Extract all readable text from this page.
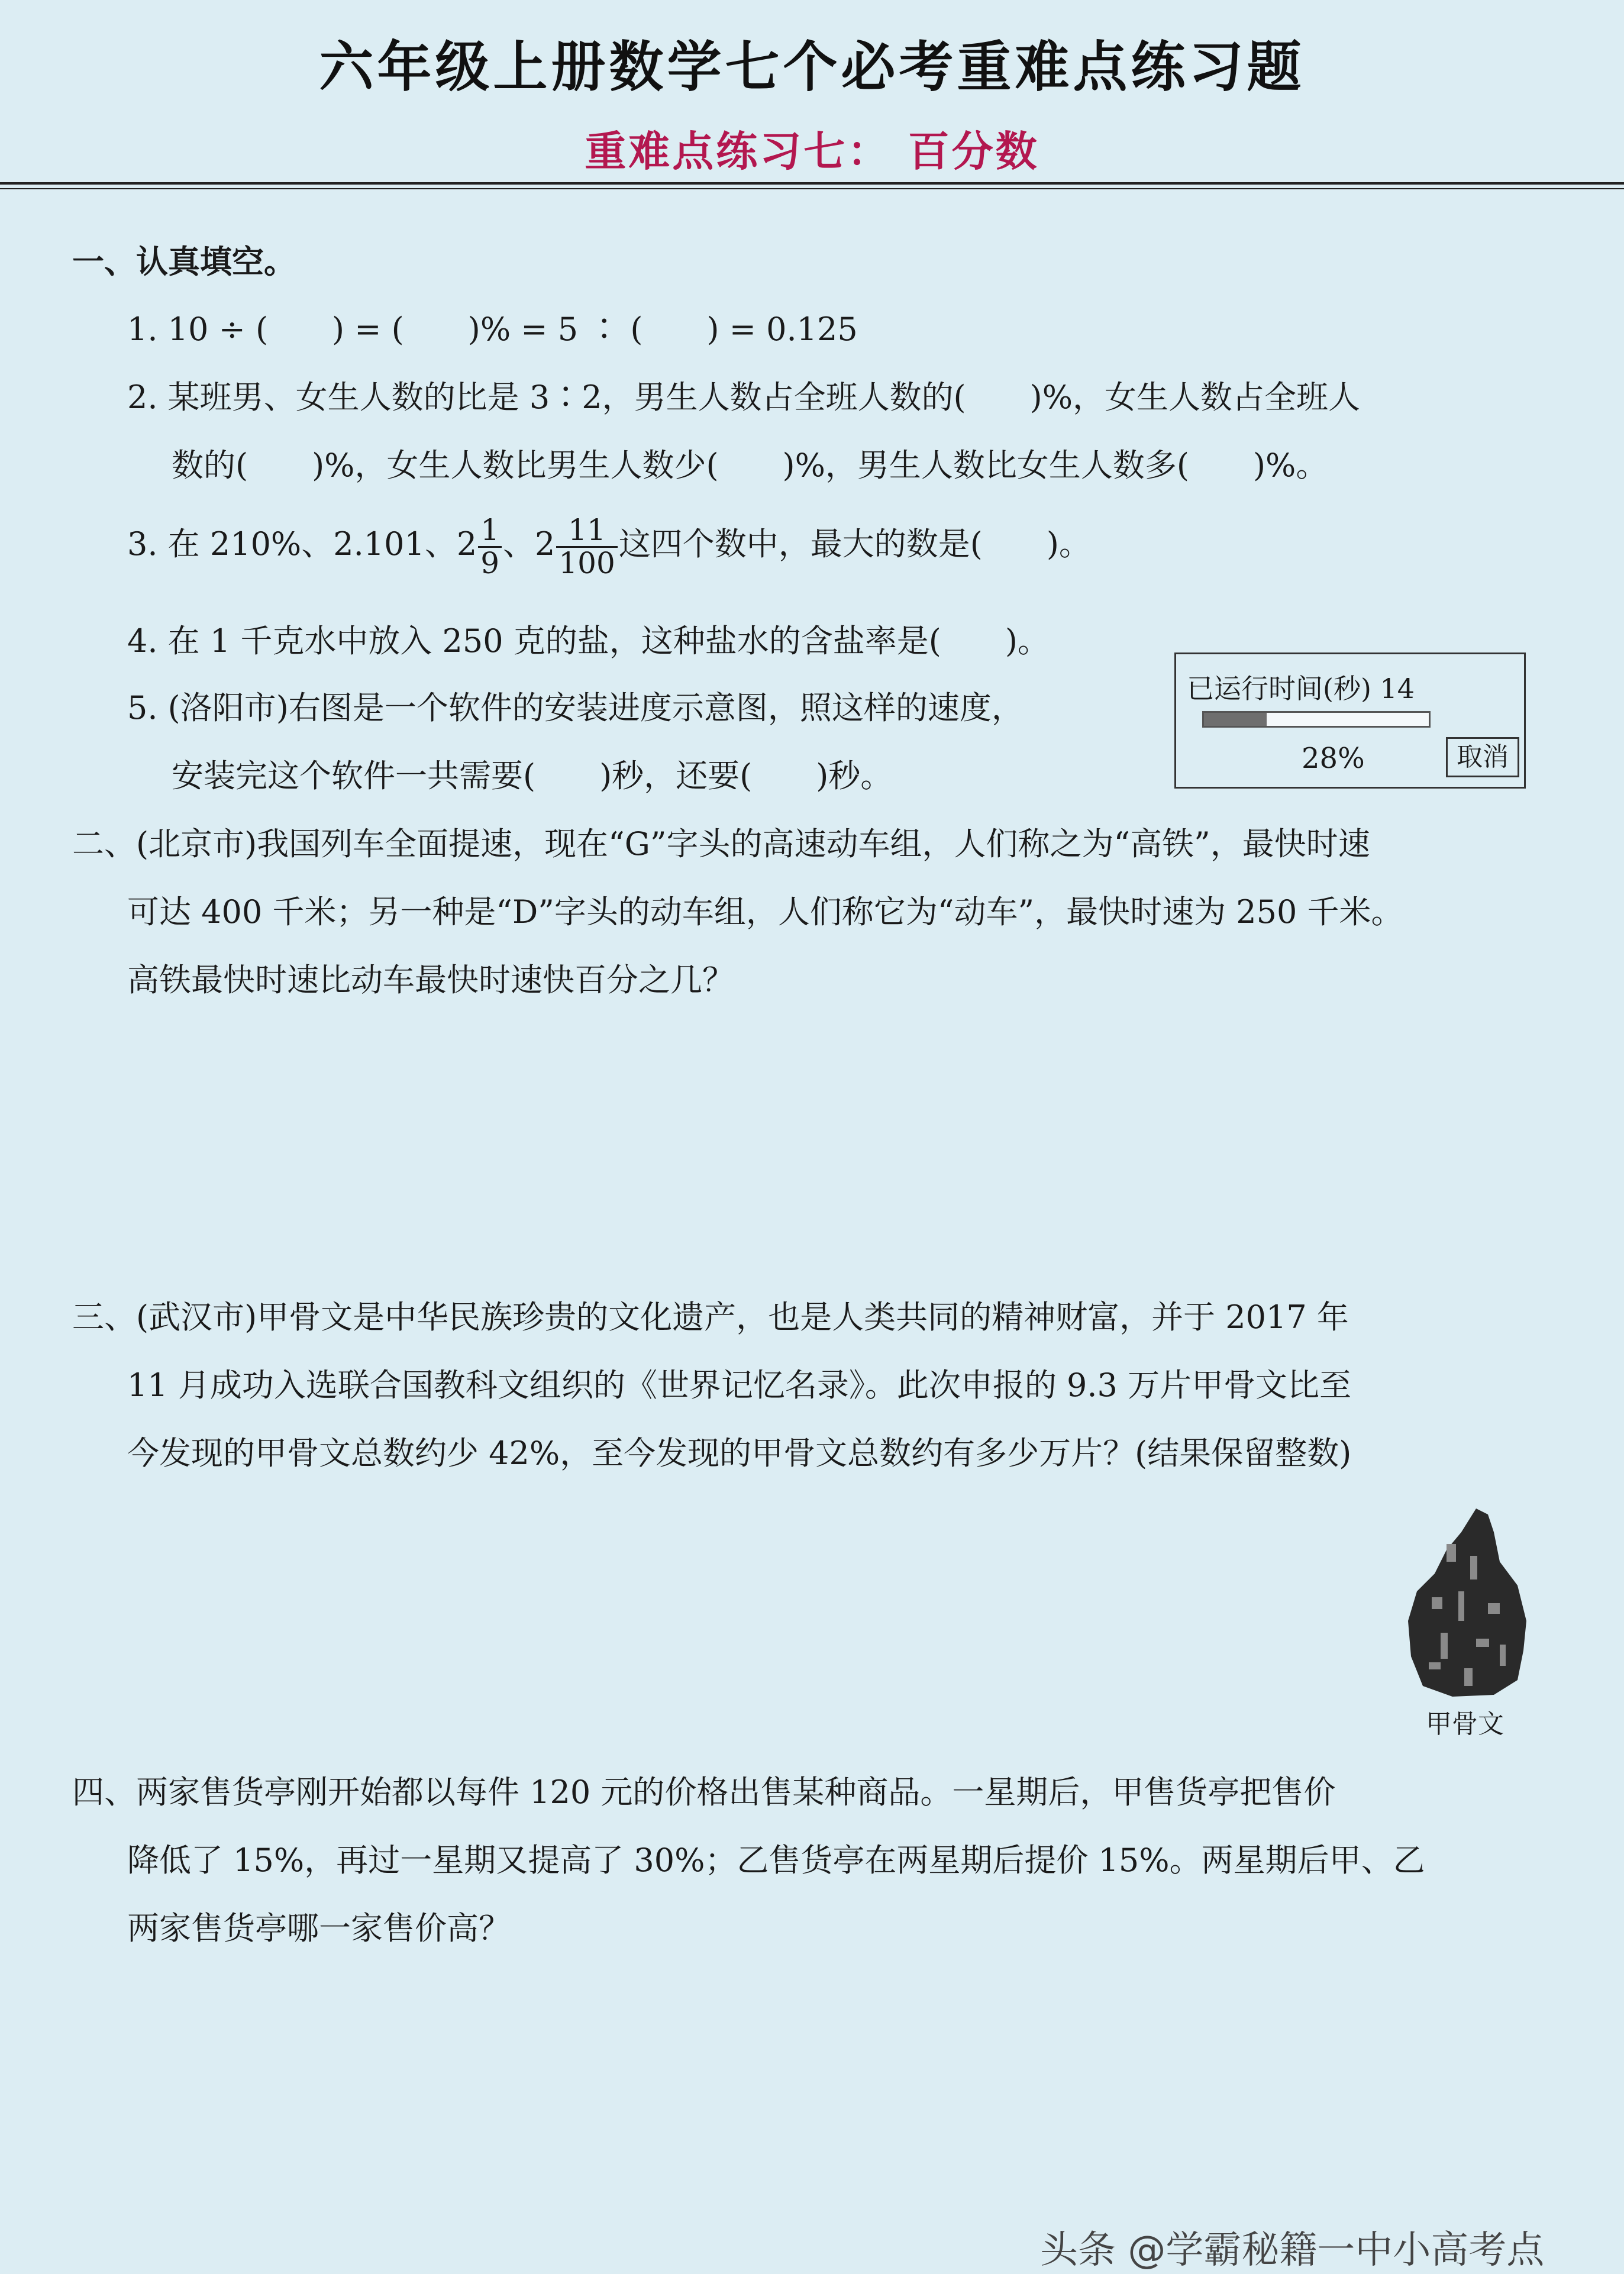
六年级上册数学七个必考重难点练习题
重难点练习七： 百分数
一、认真填空。
1. 10 ÷ (　　) = (　　)% = 5 ∶ (　　) = 0.125
2. 某班男、女生人数的比是 3∶2，男生人数占全班人数的(　　)%，女生人数占全班人
数的(　　)%，女生人数比男生人数少(　　)%，男生人数比女生人数多(　　)%。
3. 在 210%、2.101、$2 \frac{1}{9}$ 、$2 \frac{11}{100}$ 这四个数中，最大的数是(　　)。
4. 在 1 千克水中放入 250 克的盐，这种盐水的含盐率是(　　)。
5. (洛阳市)右图是一个软件的安装进度示意图，照这样的速度，
安装完这个软件一共需要(　　)秒，还要(　　)秒。
已运行时间(秒) 14
28%	取消
二、(北京市)我国列车全面提速，现在“G”字头的高速动车组，人们称之为“高铁”，最快时速
可达 400 千米；另一种是“D”字头的动车组，人们称它为“动车”，最快时速为 250 千米。
高铁最快时速比动车最快时速快百分之几？
三、(武汉市)甲骨文是中华民族珍贵的文化遗产，也是人类共同的精神财富，并于 2017 年
11 月成功入选联合国教科文组织的《世界记忆名录》。此次申报的 9.3 万片甲骨文比至
今发现的甲骨文总数约少 42%，至今发现的甲骨文总数约有多少万片？(结果保留整数)
甲骨文
四、两家售货亭刚开始都以每件 120 元的价格出售某种商品。一星期后，甲售货亭把售价
降低了 15%，再过一星期又提高了 30%；乙售货亭在两星期后提价 15%。两星期后甲、乙
两家售货亭哪一家售价高？
头条 @学霸秘籍一中小高考点
